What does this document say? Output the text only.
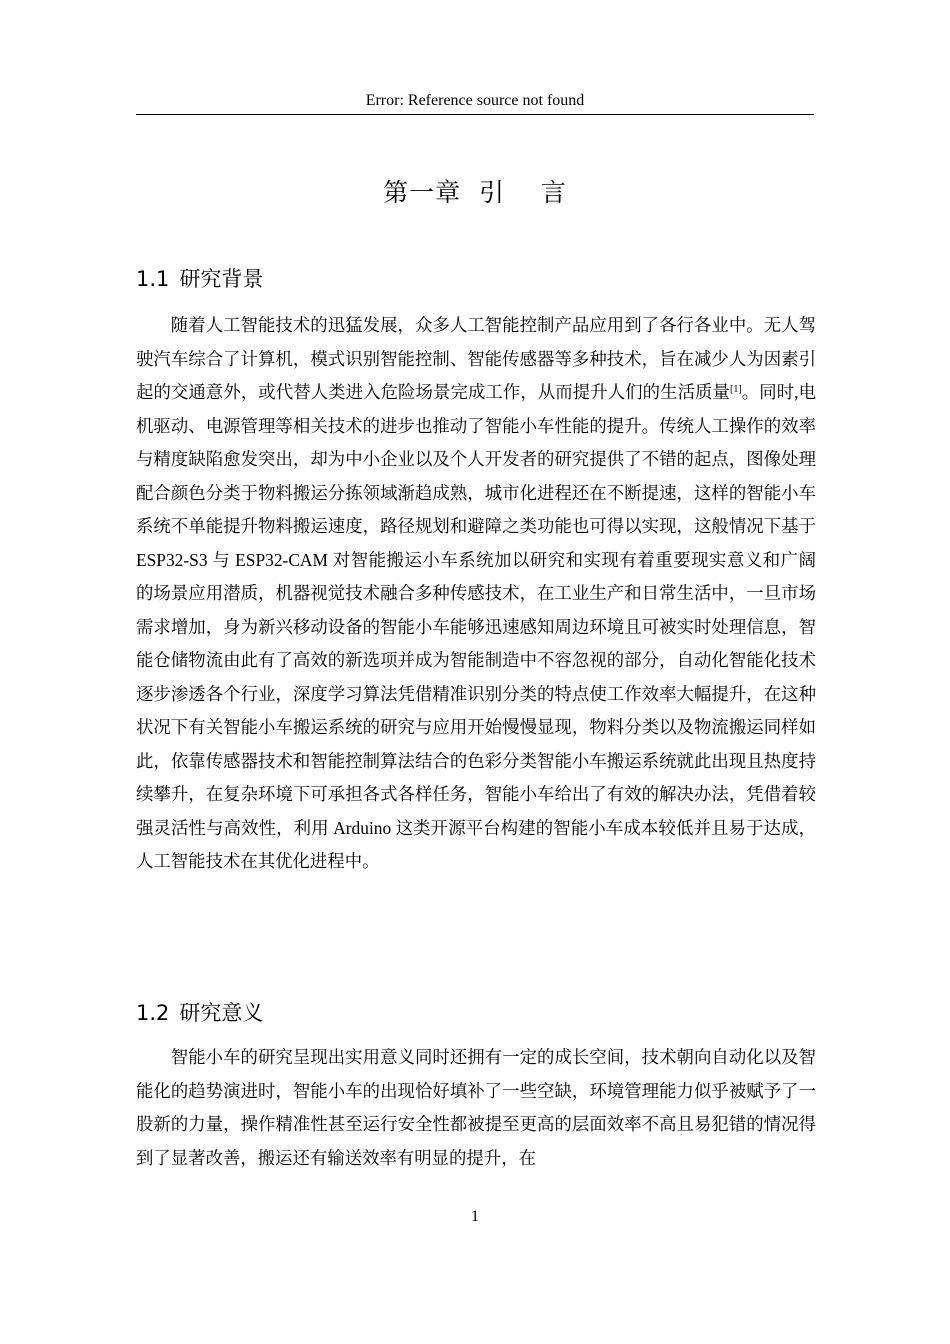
Error: Reference source not found
第一章  引    言
1.1 研究背景

随着人工智能技术的迅猛发展，众多人工智能控制产品应用到了各行各业中。无人驾驶汽车综合了计算机，模式识别智能控制、智能传感器等多种技术，旨在减少人为因素引起的交通意外，或代替人类进入危险场景完成工作，从而提升人们的生活质量[1]。同时,电机驱动、电源管理等相关技术的进步也推动了智能小车性能的提升。传统人工操作的效率与精度缺陷愈发突出，却为中小企业以及个人开发者的研究提供了不错的起点，图像处理配合颜色分类于物料搬运分拣领域渐趋成熟，城市化进程还在不断提速，这样的智能小车系统不单能提升物料搬运速度，路径规划和避障之类功能也可得以实现，这般情况下基于 ESP32-S3 与 ESP32-CAM 对智能搬运小车系统加以研究和实现有着重要现实意义和广阔的场景应用潜质，机器视觉技术融合多种传感技术，在工业生产和日常生活中，一旦市场需求增加，身为新兴移动设备的智能小车能够迅速感知周边环境且可被实时处理信息，智能仓储物流由此有了高效的新选项并成为智能制造中不容忽视的部分，自动化智能化技术逐步渗透各个行业，深度学习算法凭借精准识别分类的特点使工作效率大幅提升，在这种状况下有关智能小车搬运系统的研究与应用开始慢慢显现，物料分类以及物流搬运同样如此，依靠传感器技术和智能控制算法结合的色彩分类智能小车搬运系统就此出现且热度持续攀升，在复杂环境下可承担各式各样任务，智能小车给出了有效的解决办法，凭借着较强灵活性与高效性，利用 Arduino 这类开源平台构建的智能小车成本较低并且易于达成，人工智能技术在其优化进程中。

1.2 研究意义

智能小车的研究呈现出实用意义同时还拥有一定的成长空间，技术朝向自动化以及智能化的趋势演进时，智能小车的出现恰好填补了一些空缺，环境管理能力似乎被赋予了一股新的力量，操作精准性甚至运行安全性都被提至更高的层面效率不高且易犯错的情况得到了显著改善，搬运还有输送效率有明显的提升，在

1
